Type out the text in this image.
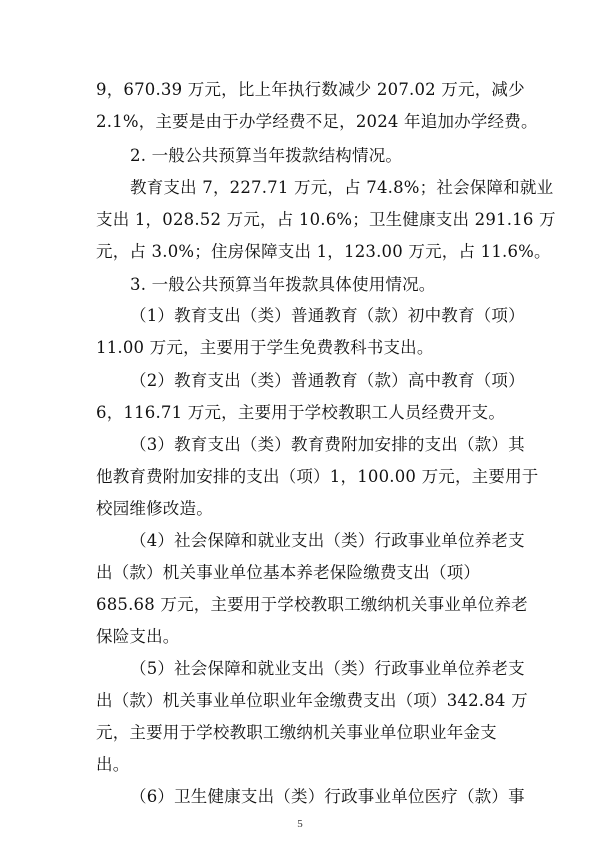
9，670.39 万元，比上年执行数减少 207.02 万元，减少
2.1%，主要是由于办学经费不足，2024 年追加办学经费。
2. 一般公共预算当年拨款结构情况。
教育支出 7，227.71 万元，占 74.8%；社会保障和就业
支出 1，028.52 万元，占 10.6%；卫生健康支出 291.16 万
元，占 3.0%；住房保障支出 1，123.00 万元，占 11.6%。
3. 一般公共预算当年拨款具体使用情况。
（1）教育支出（类）普通教育（款）初中教育（项）
11.00 万元，主要用于学生免费教科书支出。
（2）教育支出（类）普通教育（款）高中教育（项）
6，116.71 万元，主要用于学校教职工人员经费开支。
（3）教育支出（类）教育费附加安排的支出（款）其
他教育费附加安排的支出（项）1，100.00 万元，主要用于
校园维修改造。
（4）社会保障和就业支出（类）行政事业单位养老支
出（款）机关事业单位基本养老保险缴费支出（项）
685.68 万元，主要用于学校教职工缴纳机关事业单位养老
保险支出。
（5）社会保障和就业支出（类）行政事业单位养老支
出（款）机关事业单位职业年金缴费支出（项）342.84 万
元，主要用于学校教职工缴纳机关事业单位职业年金支
出。
（6）卫生健康支出（类）行政事业单位医疗（款）事
5
